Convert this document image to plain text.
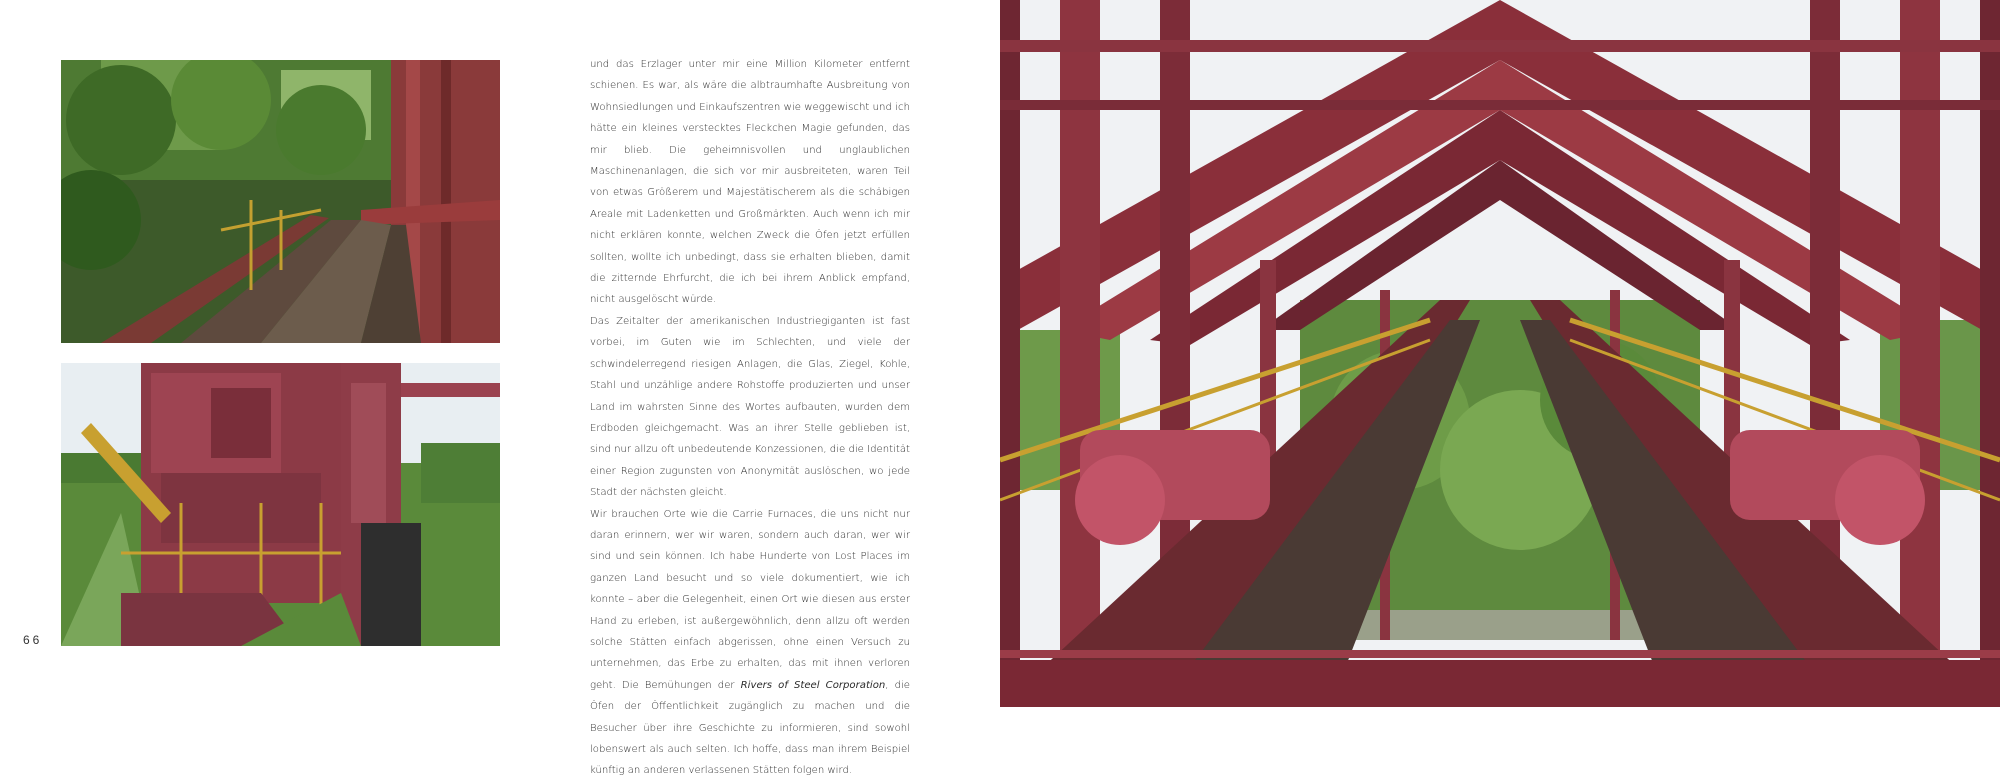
66

und das Erzlager unter mir eine Million Kilometer entfernt schienen. Es war, als wäre die albtraumhafte Ausbreitung von Wohnsiedlungen und Einkaufszentren wie weggewischt und ich hätte ein kleines verstecktes Fleckchen Magie gefunden, das mir blieb. Die geheimnisvollen und unglaublichen Maschinenanlagen, die sich vor mir ausbreiteten, waren Teil von etwas Größerem und Majestätischerem als die schäbigen Areale mit Ladenketten und Großmärkten. Auch wenn ich mir nicht erklären konnte, welchen Zweck die Öfen jetzt erfüllen sollten, wollte ich unbedingt, dass sie erhalten blieben, damit die zitternde Ehrfurcht, die ich bei ihrem Anblick empfand, nicht ausgelöscht würde.

Das Zeitalter der amerikanischen Industriegiganten ist fast vorbei, im Guten wie im Schlechten, und viele der schwindelerregend riesigen Anlagen, die Glas, Ziegel, Kohle, Stahl und unzählige andere Rohstoffe produzierten und unser Land im wahrsten Sinne des Wortes aufbauten, wurden dem Erdboden gleichgemacht. Was an ihrer Stelle geblieben ist, sind nur allzu oft unbedeutende Konzessionen, die die Identität einer Region zugunsten von Anonymität auslöschen, wo jede Stadt der nächsten gleicht.

Wir brauchen Orte wie die Carrie Furnaces, die uns nicht nur daran erinnern, wer wir waren, sondern auch daran, wer wir sind und sein können. Ich habe Hunderte von Lost Places im ganzen Land besucht und so viele dokumentiert, wie ich konnte – aber die Gelegenheit, einen Ort wie diesen aus erster Hand zu erleben, ist außergewöhnlich, denn allzu oft werden solche Stätten einfach abgerissen, ohne einen Versuch zu unternehmen, das Erbe zu erhalten, das mit ihnen verloren geht. Die Bemühungen der Rivers of Steel Corporation, die Öfen der Öffentlichkeit zugänglich zu machen und die Besucher über ihre Geschichte zu informieren, sind sowohl lobenswert als auch selten. Ich hoffe, dass man ihrem Beispiel künftig an anderen verlassenen Stätten folgen wird.
